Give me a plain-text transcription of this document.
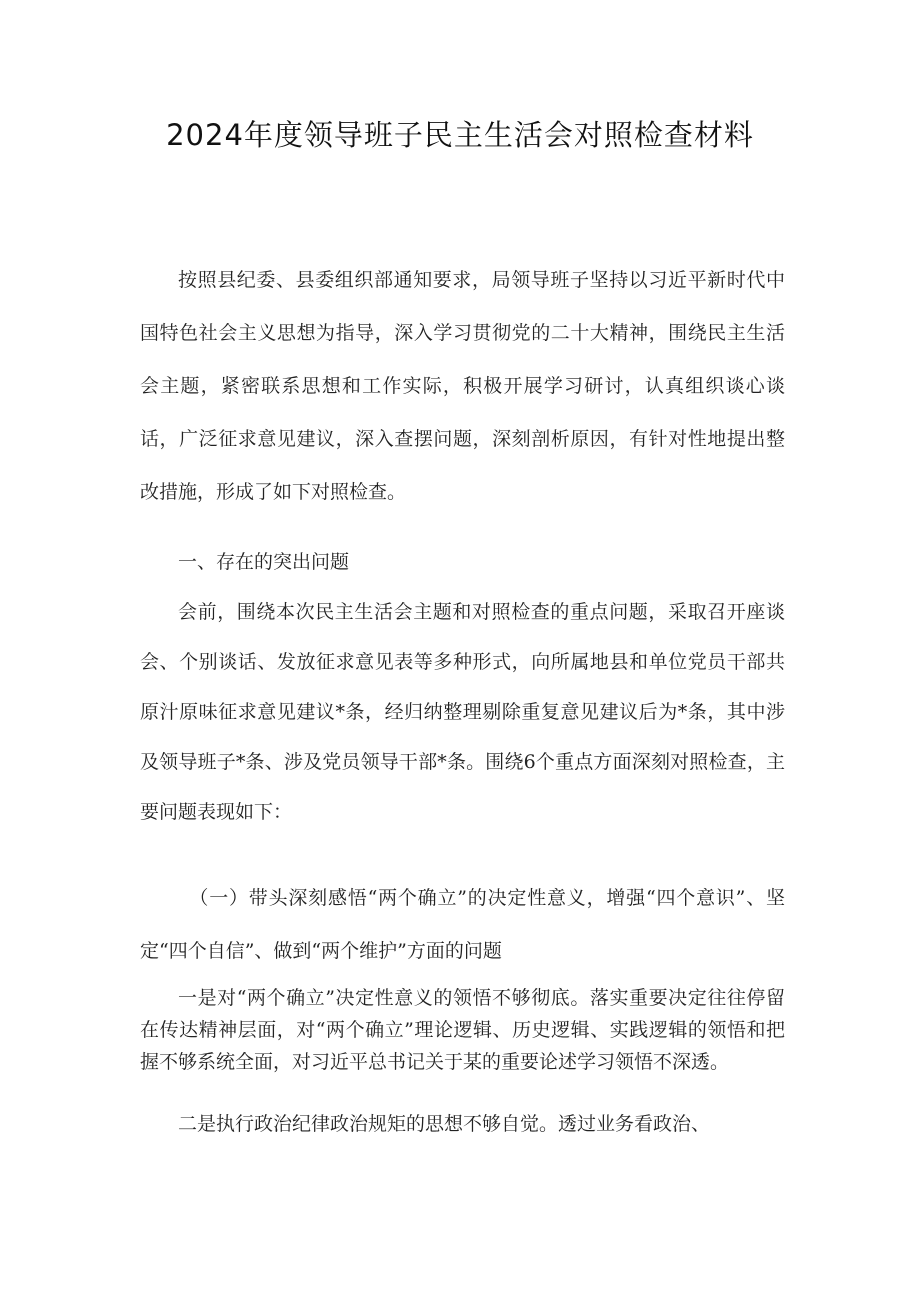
2024年度领导班子民主生活会对照检查材料

按照县纪委、县委组织部通知要求，局领导班子坚持以习近平新时代中国特色社会主义思想为指导，深入学习贯彻党的二十大精神，围绕民主生活会主题，紧密联系思想和工作实际，积极开展学习研讨，认真组织谈心谈话，广泛征求意见建议，深入查摆问题，深刻剖析原因，有针对性地提出整改措施，形成了如下对照检查。

一、存在的突出问题

会前，围绕本次民主生活会主题和对照检查的重点问题，采取召开座谈会、个别谈话、发放征求意见表等多种形式，向所属地县和单位党员干部共原汁原味征求意见建议*条，经归纳整理剔除重复意见建议后为*条，其中涉及领导班子*条、涉及党员领导干部*条。围绕6个重点方面深刻对照检查，主要问题表现如下：

（一）带头深刻感悟“两个确立”的决定性意义，增强“四个意识”、坚定“四个自信”、做到“两个维护”方面的问题

一是对“两个确立”决定性意义的领悟不够彻底。落实重要决定往往停留在传达精神层面，对“两个确立”理论逻辑、历史逻辑、实践逻辑的领悟和把握不够系统全面，对习近平总书记关于某的重要论述学习领悟不深透。

二是执行政治纪律政治规矩的思想不够自觉。透过业务看政治、
